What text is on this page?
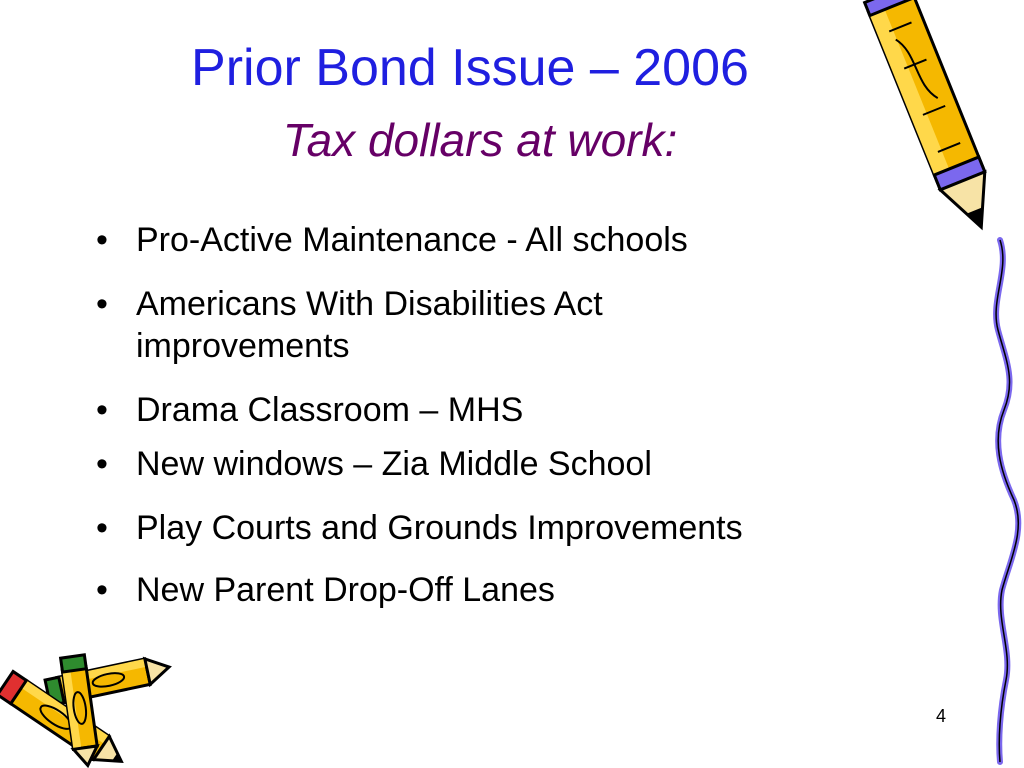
Prior Bond Issue – 2006
Tax dollars at work:
• Pro-Active Maintenance - All schools
• Americans With Disabilities Act
improvements
• Drama Classroom – MHS
• New windows – Zia Middle School
• Play Courts and Grounds Improvements
• New Parent Drop-Off Lanes
4
